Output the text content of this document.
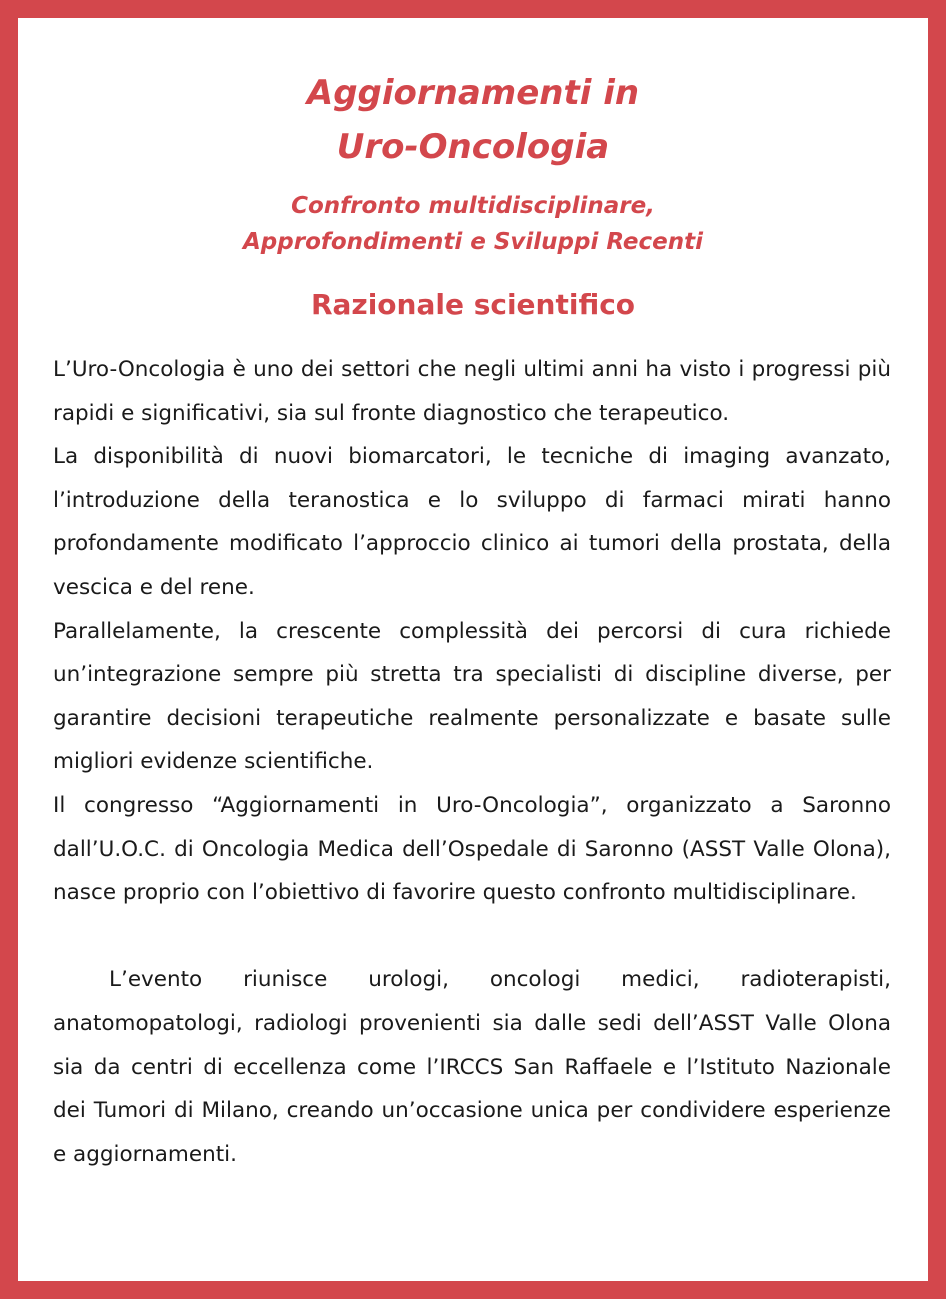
Aggiornamenti in
Uro-Oncologia
Confronto multidisciplinare,
Approfondimenti e Sviluppi Recenti
Razionale scientifico

L’Uro-Oncologia è uno dei settori che negli ultimi anni ha visto i progressi più rapidi e significativi, sia sul fronte diagnostico che terapeutico.

La disponibilità di nuovi biomarcatori, le tecniche di imaging avanzato, l’introduzione della teranostica e lo sviluppo di farmaci mirati hanno profondamente modificato l’approccio clinico ai tumori della prostata, della vescica e del rene.

Parallelamente, la crescente complessità dei percorsi di cura richiede un’integrazione sempre più stretta tra specialisti di discipline diverse, per garantire decisioni terapeutiche realmente personalizzate e basate sulle migliori evidenze scientifiche.

Il congresso “Aggiornamenti in Uro-Oncologia”, organizzato a Saronno dall’U.O.C. di Oncologia Medica dell’Ospedale di Saronno (ASST Valle Olona), nasce proprio con l’obiettivo di favorire questo confronto multidisciplinare.

L’evento riunisce urologi, oncologi medici, radioterapisti, anatomopatologi, radiologi provenienti sia dalle sedi dell’ASST Valle Olona sia da centri di eccellenza come l’IRCCS San Raffaele e l’Istituto Nazionale dei Tumori di Milano, creando un’occasione unica per condividere esperienze e aggiornamenti.
